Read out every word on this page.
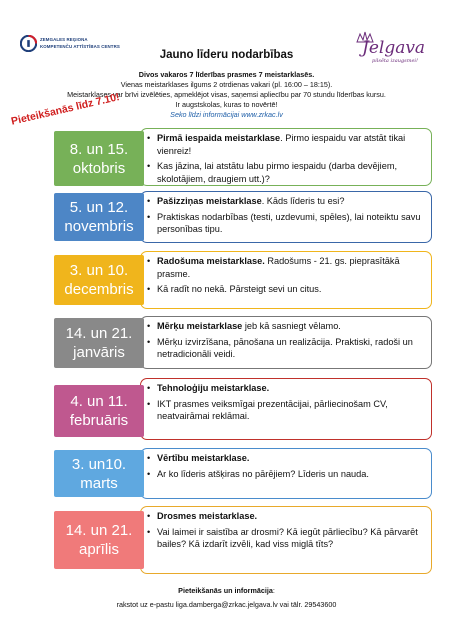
ZEMGALES REĢIONA
KOMPETENČU ATTĪSTĪBAS CENTRS	Jelgava
pilsēta izaugsmei!
Jauno līderu nodarbības
Divos vakaros 7 līderības prasmes 7 meistarklasēs.
Vienas meistarklases ilgums 2 otrdienas vakari (pl. 16:00 – 18:15).
Meistarklases var brīvi izvēlēties, apmeklējot visas, saņemsi apliecību par 70 stundu līderības kursu.
Ir augstskolas, kuras to novērtē!
Seko līdzi informācijai www.zrkac.lv
Pieteikšanās līdz 7.10!
8. un 15.
oktobris
• Pirmā iespaida meistarklase. Pirmo iespaidu var atstāt tikai vienreiz!
• Kas jāzina, lai atstātu labu pirmo iespaidu (darba devējiem, skolotājiem, draugiem utt.)?
5. un 12.
novembris
• Pašizziņas meistarklase. Kāds līderis tu esi?
• Praktiskas nodarbības (testi, uzdevumi, spēles), lai noteiktu savu personības tipu.
3. un 10.
decembris
• Radošuma meistarklase. Radošums - 21. gs. pieprasītākā prasme.
• Kā radīt no nekā. Pārsteigt sevi un citus.
14. un 21.
janvāris
• Mērķu meistarklase jeb kā sasniegt vēlamo.
• Mērķu izvirzīšana, pānošana un realizācija. Praktiski, radoši un netradicionāli veidi.
4. un 11.
februāris
• Tehnoloģiju meistarklase.
• IKT prasmes veiksmīgai prezentācijai, pārliecinošam CV, neatvairāmai reklāmai.
3. un10.
marts
• Vērtību meistarklase.
• Ar ko līderis atšķiras no pārējiem? Līderis un nauda.
14. un 21.
aprīlis
• Drosmes meistarklase.
• Vai laimei ir saistība ar drosmi? Kā iegūt pārliecību? Kā pārvarēt bailes? Kā izdarīt izvēli, kad viss miglā tīts?
Pieteikšanās un informācija:
rakstot uz e-pastu liga.damberga@zrkac.jelgava.lv vai tālr. 29543600
